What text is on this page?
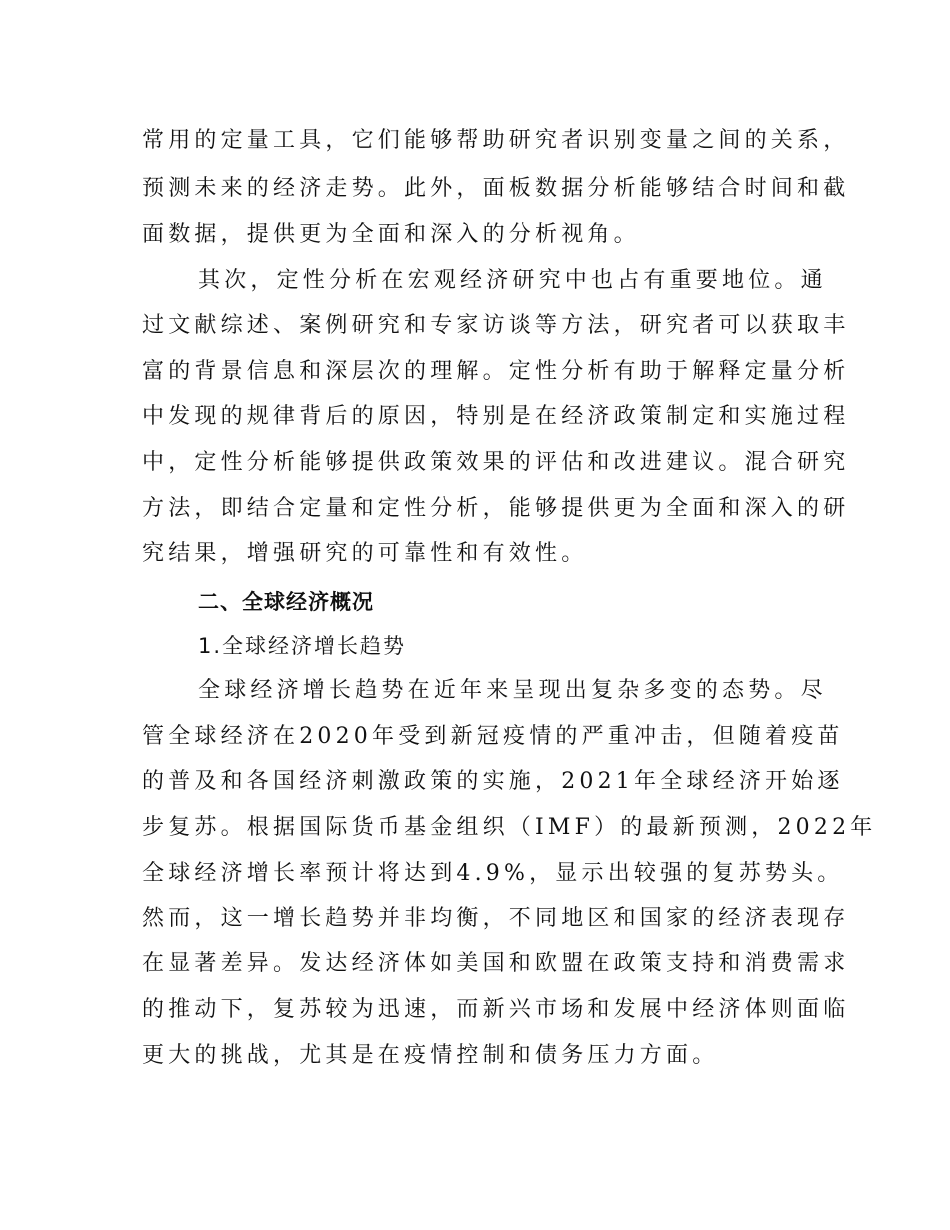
常用的定量工具，它们能够帮助研究者识别变量之间的关系，
预测未来的经济走势。此外，面板数据分析能够结合时间和截
面数据，提供更为全面和深入的分析视角。
其次，定性分析在宏观经济研究中也占有重要地位。通
过文献综述、案例研究和专家访谈等方法，研究者可以获取丰
富的背景信息和深层次的理解。定性分析有助于解释定量分析
中发现的规律背后的原因，特别是在经济政策制定和实施过程
中，定性分析能够提供政策效果的评估和改进建议。混合研究
方法，即结合定量和定性分析，能够提供更为全面和深入的研
究结果，增强研究的可靠性和有效性。
二、全球经济概况
1.全球经济增长趋势
全球经济增长趋势在近年来呈现出复杂多变的态势。尽
管全球经济在2020年受到新冠疫情的严重冲击，但随着疫苗
的普及和各国经济刺激政策的实施，2021年全球经济开始逐
步复苏。根据国际货币基金组织（IMF）的最新预测，2022年
全球经济增长率预计将达到4.9%，显示出较强的复苏势头。
然而，这一增长趋势并非均衡，不同地区和国家的经济表现存
在显著差异。发达经济体如美国和欧盟在政策支持和消费需求
的推动下，复苏较为迅速，而新兴市场和发展中经济体则面临
更大的挑战，尤其是在疫情控制和债务压力方面。
